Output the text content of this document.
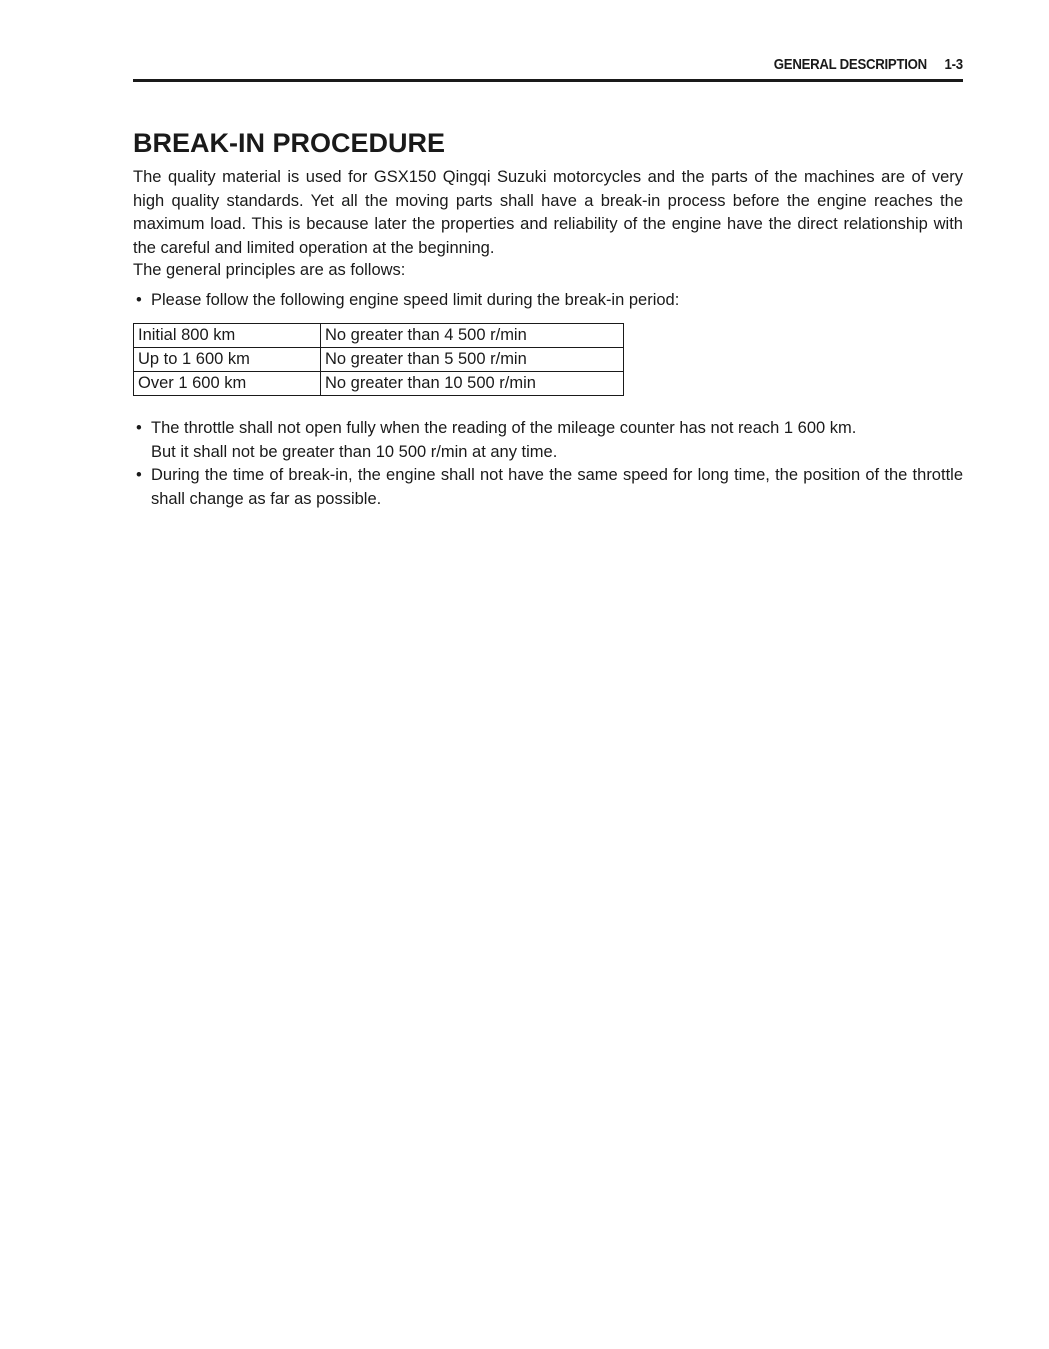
GENERAL DESCRIPTION 1-3
BREAK-IN PROCEDURE

The quality material is used for GSX150 Qingqi Suzuki motorcycles and the parts of the machines are of very high quality standards. Yet all the moving parts shall have a break-in process before the engine reaches the maximum load. This is because later the properties and reliability of the engine have the direct relationship with the careful and limited operation at the beginning.

The general principles are as follows:

• Please follow the following engine speed limit during the break-in period:
Initial 800 km	No greater than 4 500 r/min
Up to 1 600 km	No greater than 5 500 r/min
Over 1 600 km	No greater than 10 500 r/min
• The throttle shall not open fully when the reading of the mileage counter has not reach 1 600 km.
But it shall not be greater than 10 500 r/min at any time.
• During the time of break-in, the engine shall not have the same speed for long time, the position of the throttle shall change as far as possible.
